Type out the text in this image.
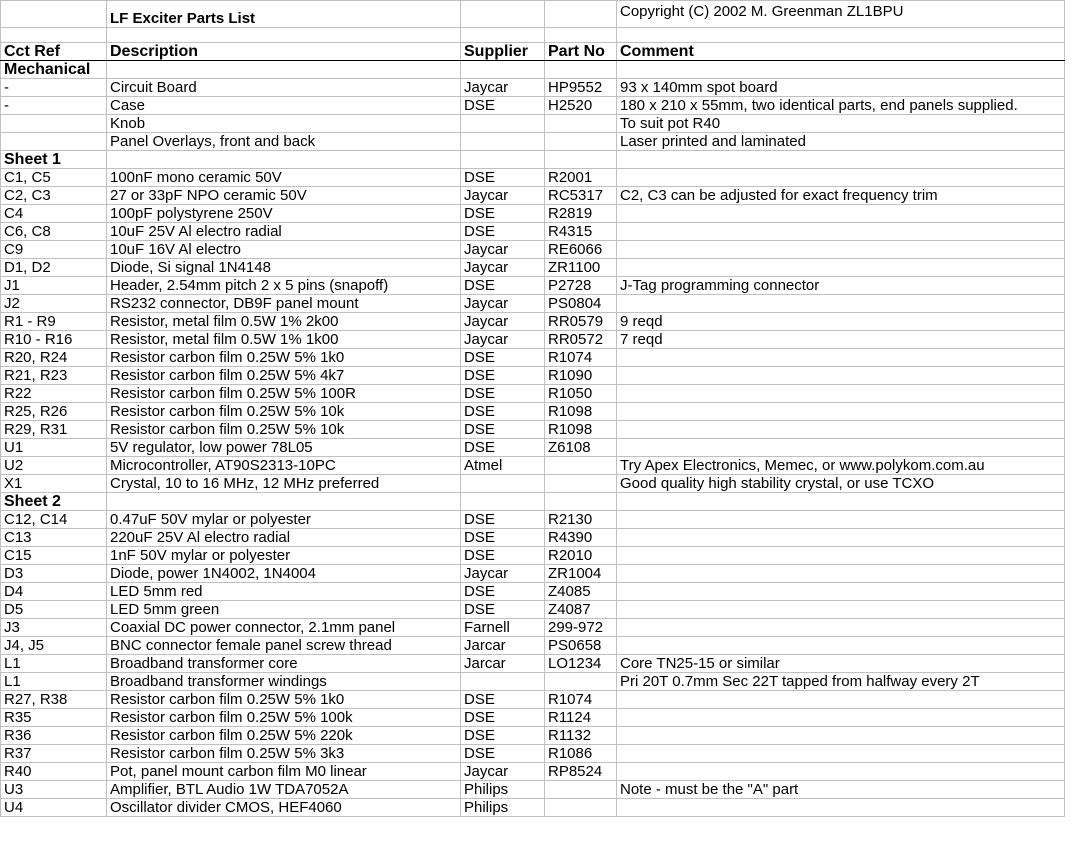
	LF Exciter Parts List			Copyright (C) 2002 M. Greenman ZL1BPU

Cct Ref	Description	Supplier	Part No	Comment
Mechanical				
-	Circuit Board	Jaycar	HP9552	93 x 140mm spot board
-	Case	DSE	H2520	180 x 210 x 55mm, two identical parts, end panels supplied.
	Knob			To suit pot R40
	Panel Overlays, front and back			Laser printed and laminated
Sheet 1				
C1, C5	100nF mono ceramic 50V	DSE	R2001	
C2, C3	27 or 33pF NPO ceramic 50V	Jaycar	RC5317	C2, C3 can be adjusted for exact frequency trim
C4	100pF polystyrene 250V	DSE	R2819	
C6, C8	10uF 25V Al electro radial	DSE	R4315	
C9	10uF 16V Al electro	Jaycar	RE6066	
D1, D2	Diode, Si signal 1N4148	Jaycar	ZR1100	
J1	Header, 2.54mm pitch 2 x 5 pins (snapoff)	DSE	P2728	J-Tag programming connector
J2	RS232 connector, DB9F panel mount	Jaycar	PS0804	
R1 - R9	Resistor, metal film 0.5W 1% 2k00	Jaycar	RR0579	9 reqd
R10 - R16	Resistor, metal film 0.5W 1% 1k00	Jaycar	RR0572	7 reqd
R20, R24	Resistor carbon film 0.25W 5% 1k0	DSE	R1074	
R21, R23	Resistor carbon film 0.25W 5% 4k7	DSE	R1090	
R22	Resistor carbon film 0.25W 5% 100R	DSE	R1050	
R25, R26	Resistor carbon film 0.25W 5% 10k	DSE	R1098	
R29, R31	Resistor carbon film 0.25W 5% 10k	DSE	R1098	
U1	5V regulator, low power 78L05	DSE	Z6108	
U2	Microcontroller, AT90S2313-10PC	Atmel		Try Apex Electronics, Memec, or www.polykom.com.au
X1	Crystal, 10 to 16 MHz, 12 MHz preferred			Good quality high stability crystal, or use TCXO
Sheet 2				
C12, C14	0.47uF 50V mylar or polyester	DSE	R2130	
C13	220uF 25V Al electro radial	DSE	R4390	
C15	1nF 50V mylar or polyester	DSE	R2010	
D3	Diode, power 1N4002, 1N4004	Jaycar	ZR1004	
D4	LED 5mm red	DSE	Z4085	
D5	LED 5mm green	DSE	Z4087	
J3	Coaxial DC power connector, 2.1mm panel	Farnell	299-972	
J4, J5	BNC connector female panel screw thread	Jarcar	PS0658	
L1	Broadband transformer core	Jarcar	LO1234	Core TN25-15 or similar
L1	Broadband transformer windings			Pri 20T 0.7mm Sec 22T tapped from halfway every 2T
R27, R38	Resistor carbon film 0.25W 5% 1k0	DSE	R1074	
R35	Resistor carbon film 0.25W 5% 100k	DSE	R1124	
R36	Resistor carbon film 0.25W 5% 220k	DSE	R1132	
R37	Resistor carbon film 0.25W 5% 3k3	DSE	R1086	
R40	Pot, panel mount carbon film M0 linear	Jaycar	RP8524	
U3	Amplifier, BTL Audio 1W TDA7052A	Philips		Note - must be the "A" part
U4	Oscillator divider CMOS, HEF4060	Philips		
